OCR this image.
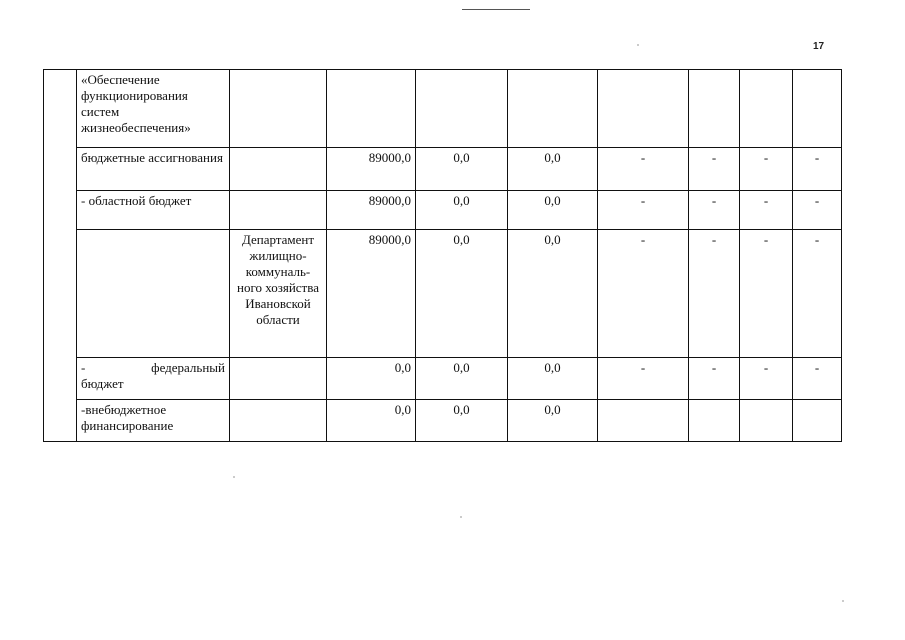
17
	«Обеспечение функционирования систем жизнеобеспечения»								
	бюджетные ассигнования		89000,0	0,0	0,0	-	-	-	-
	- областной бюджет		89000,0	0,0	0,0	-	-	-	-
		Департамент жилищно-коммуналь-ного хозяйства Ивановской области	89000,0	0,0	0,0	-	-	-	-

	- федеральный
бюджет		0,0	0,0	0,0	-	-	-	-
	-внебюджетное финансирование		0,0	0,0	0,0				
